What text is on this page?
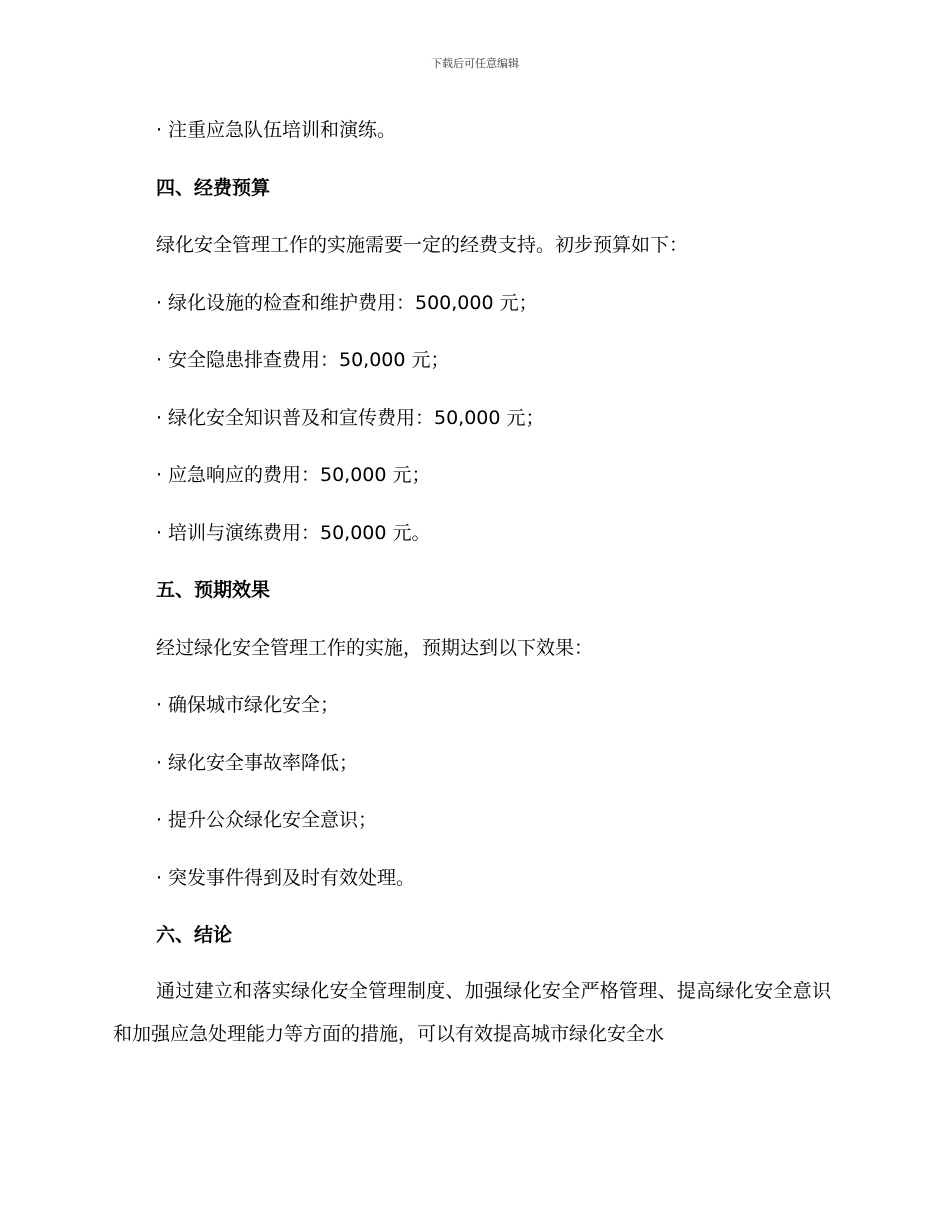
下载后可任意编辑
· 注重应急队伍培训和演练。
四、经费预算
绿化安全管理工作的实施需要一定的经费支持。初步预算如下：
· 绿化设施的检查和维护费用：500,000 元；
· 安全隐患排查费用：50,000 元；
· 绿化安全知识普及和宣传费用：50,000 元；
· 应急响应的费用：50,000 元；
· 培训与演练费用：50,000 元。
五、预期效果
经过绿化安全管理工作的实施，预期达到以下效果：
· 确保城市绿化安全；
· 绿化安全事故率降低；
· 提升公众绿化安全意识；
· 突发事件得到及时有效处理。
六、结论
通过建立和落实绿化安全管理制度、加强绿化安全严格管理、提高绿化安全意识和加强应急处理能力等方面的措施，可以有效提高城市绿化安全水
